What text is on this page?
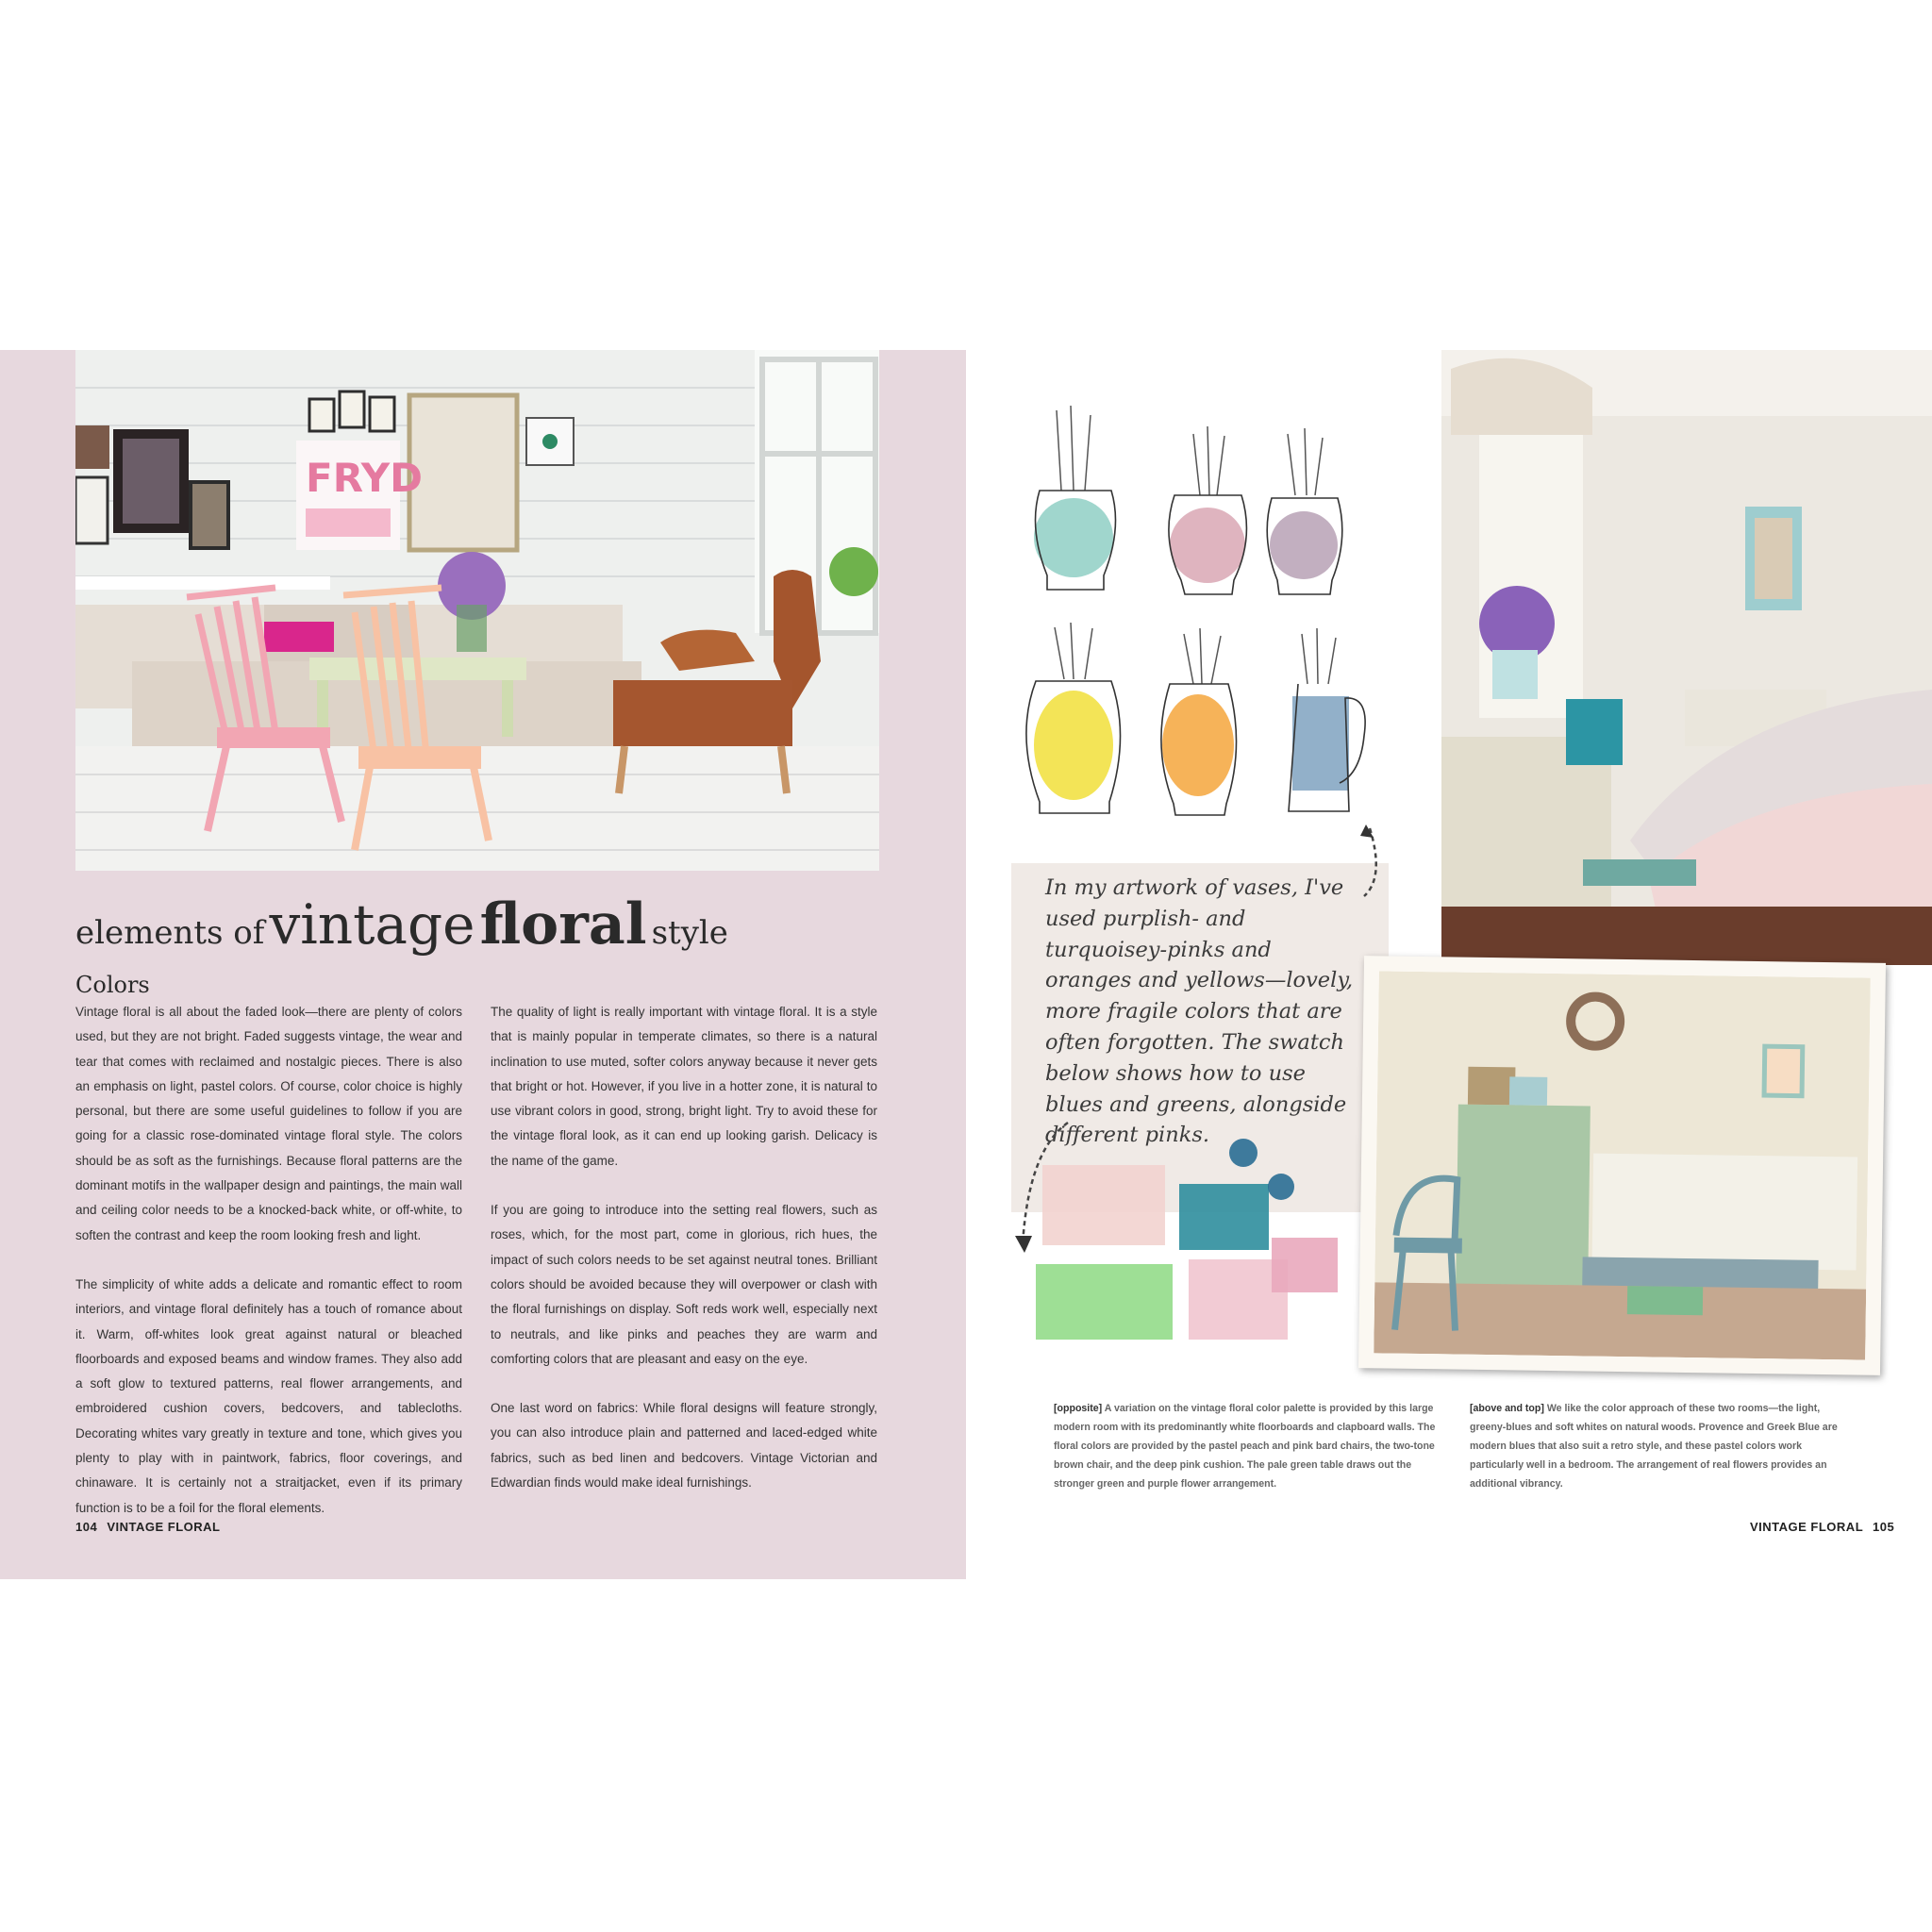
FRYD
elements of vintage floral style
Colors

Vintage floral is all about the faded look—there are plenty of colors used, but they are not bright. Faded suggests vintage, the wear and tear that comes with reclaimed and nostalgic pieces. There is also an emphasis on light, pastel colors. Of course, color choice is highly personal, but there are some useful guidelines to follow if you are going for a classic rose-dominated vintage floral style. The colors should be as soft as the furnishings. Because floral patterns are the dominant motifs in the wallpaper design and paintings, the main wall and ceiling color needs to be a knocked-back white, or off-white, to soften the contrast and keep the room looking fresh and light.

The simplicity of white adds a delicate and romantic effect to room interiors, and vintage floral definitely has a touch of romance about it. Warm, off-whites look great against natural or bleached floorboards and exposed beams and window frames. They also add a soft glow to textured patterns, real flower arrangements, and embroidered cushion covers, bedcovers, and tablecloths. Decorating whites vary greatly in texture and tone, which gives you plenty to play with in paintwork, fabrics, floor coverings, and chinaware. It is certainly not a straitjacket, even if its primary function is to be a foil for the floral elements.

The quality of light is really important with vintage floral. It is a style that is mainly popular in temperate climates, so there is a natural inclination to use muted, softer colors anyway because it never gets that bright or hot. However, if you live in a hotter zone, it is natural to use vibrant colors in good, strong, bright light. Try to avoid these for the vintage floral look, as it can end up looking garish. Delicacy is the name of the game.

If you are going to introduce into the setting real flowers, such as roses, which, for the most part, come in glorious, rich hues, the impact of such colors needs to be set against neutral tones. Brilliant colors should be avoided because they will overpower or clash with the floral furnishings on display. Soft reds work well, especially next to neutrals, and like pinks and peaches they are warm and comforting colors that are pleasant and easy on the eye.

One last word on fabrics: While floral designs will feature strongly, you can also introduce plain and patterned and laced-edged white fabrics, such as bed linen and bedcovers. Vintage Victorian and Edwardian finds would make ideal furnishings.

104 VINTAGE FLORAL
In my artwork of vases, I've used purplish- and turquoisey-pinks and oranges and yellows—lovely, more fragile colors that are often forgotten. The swatch below shows how to use blues and greens, alongside different pinks.
[opposite] A variation on the vintage floral color palette is provided by this large modern room with its predominantly white floorboards and clapboard walls. The floral colors are provided by the pastel peach and pink bard chairs, the two-tone brown chair, and the deep pink cushion. The pale green table draws out the stronger green and purple flower arrangement.
[above and top] We like the color approach of these two rooms—the light, greeny-blues and soft whites on natural woods. Provence and Greek Blue are modern blues that also suit a retro style, and these pastel colors work particularly well in a bedroom. The arrangement of real flowers provides an additional vibrancy.
VINTAGE FLORAL 105
